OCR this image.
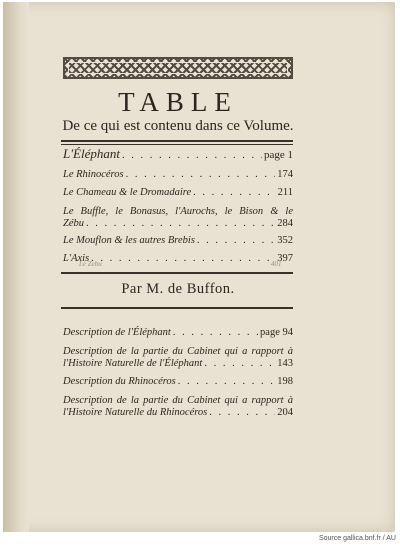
TABLE
De ce qui est contenu dans ce Volume.
L'Éléphant . . .	page 1
Le Rhinocéros . . .	174
Le Chameau & le Dromadaire . . .	211
Le Buffle, le Bonasus, l'Aurochs, le Bison & le
Zébu . . .	284
Le Mouflon & les autres Brebis . . .	352
L'Axis . . .	397
Le Zebu	401
Par M. de Buffon.
Description de l'Éléphant . . .	page 94
Description de la partie du Cabinet qui a rapport à
l'Histoire Naturelle de l'Éléphant . . .	143
Description du Rhinocéros . . .	198
Description de la partie du Cabinet qui a rapport à
l'Histoire Naturelle du Rhinocéros . . .	204
Source gallica.bnf.fr / AU
